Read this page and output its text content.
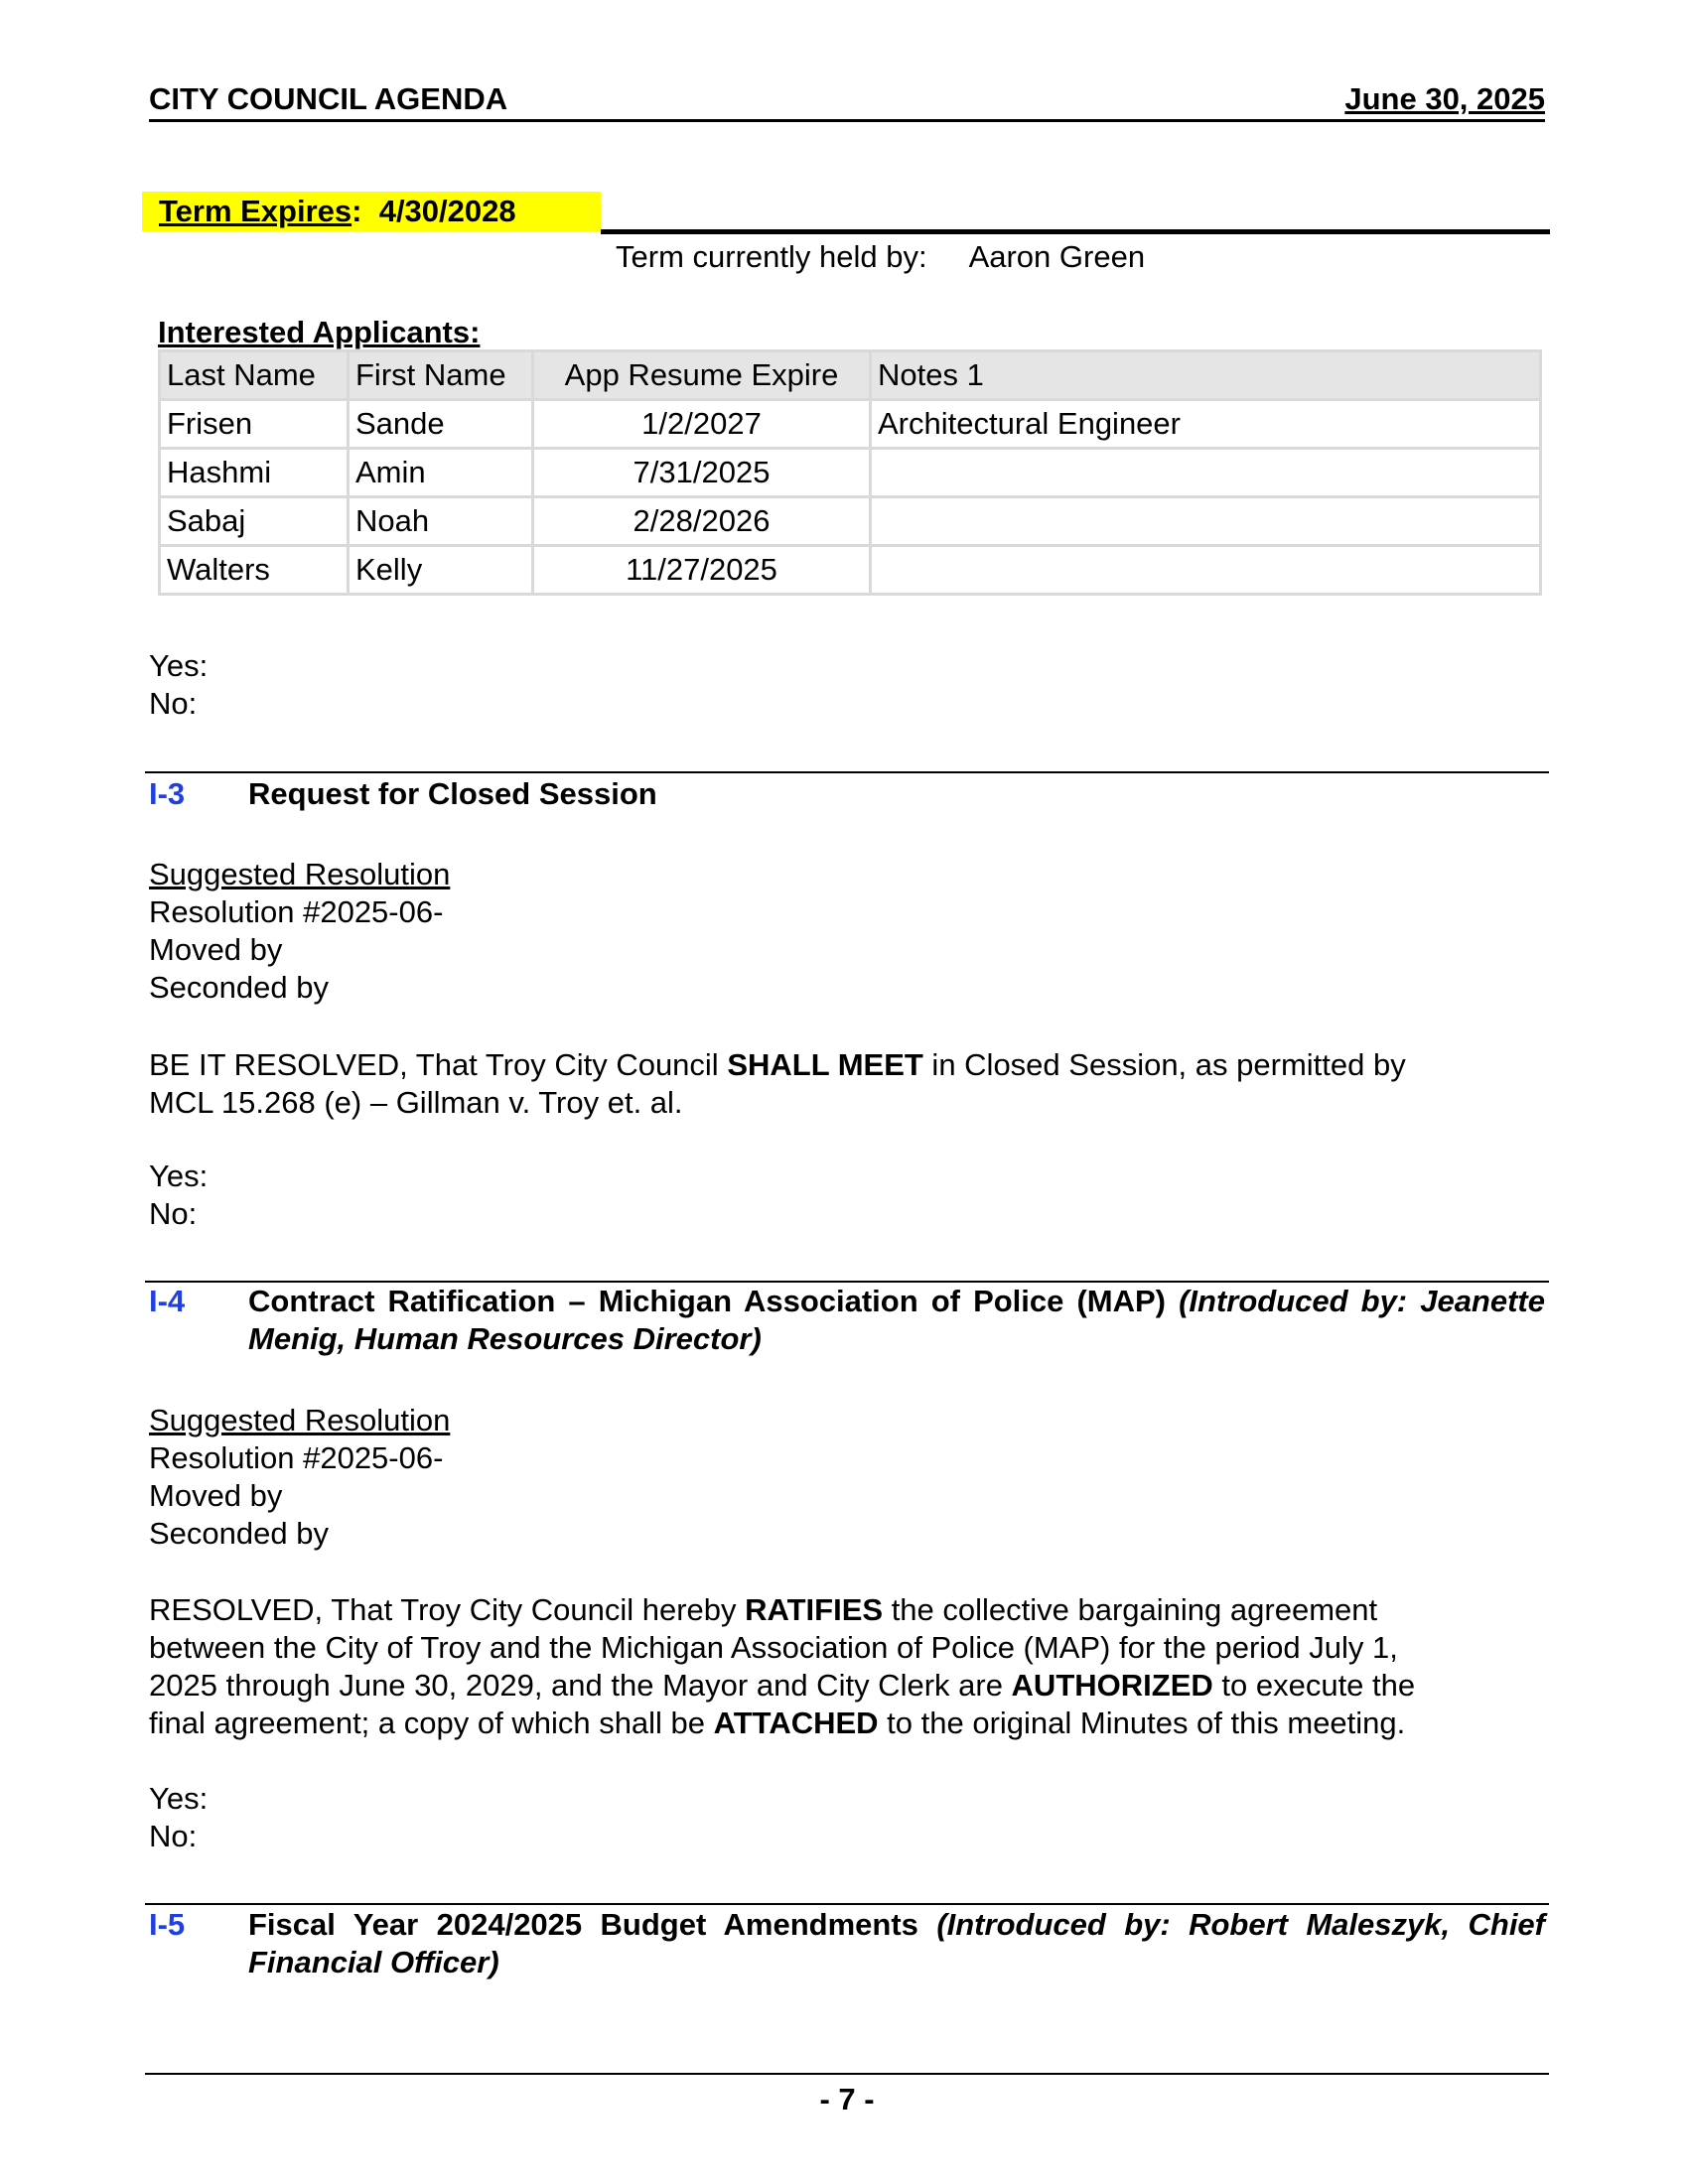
CITY COUNCIL AGENDA	June 30, 2025
Term Expires: 4/30/2028
Term currently held by: Aaron Green
Interested Applicants:
Last Name	First Name	App Resume Expire	Notes 1
Frisen	Sande	1/2/2027	Architectural Engineer
Hashmi	Amin	7/31/2025	
Sabaj	Noah	2/28/2026	
Walters	Kelly	11/27/2025	
Yes:
No:
I-3 Request for Closed Session
Suggested Resolution
Resolution #2025-06-
Moved by
Seconded by
BE IT RESOLVED, That Troy City Council SHALL MEET in Closed Session, as permitted by
MCL 15.268 (e) – Gillman v. Troy et. al.
Yes:
No:
I-4 Contract Ratification – Michigan Association of Police (MAP) (Introduced by: Jeanette Menig, Human Resources Director)
Suggested Resolution
Resolution #2025-06-
Moved by
Seconded by
RESOLVED, That Troy City Council hereby RATIFIES the collective bargaining agreement
between the City of Troy and the Michigan Association of Police (MAP) for the period July 1,
2025 through June 30, 2029, and the Mayor and City Clerk are AUTHORIZED to execute the
final agreement; a copy of which shall be ATTACHED to the original Minutes of this meeting.
Yes:
No:
I-5 Fiscal Year 2024/2025 Budget Amendments (Introduced by: Robert Maleszyk, Chief Financial Officer)
- 7 -
